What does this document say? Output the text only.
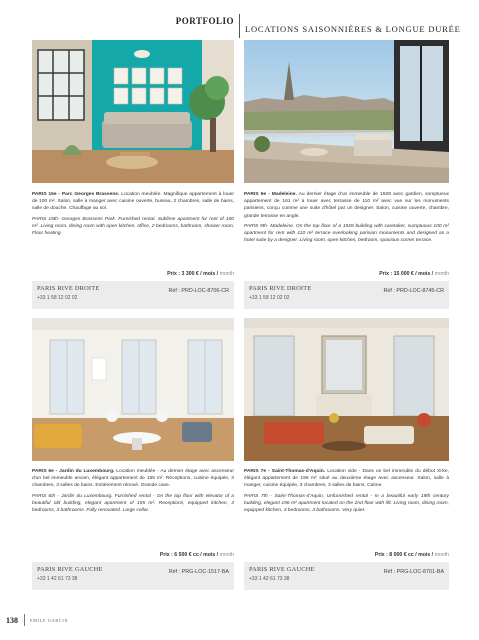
PORTFOLIO
LOCATIONS SAISONNIÈRES & LONGUE DURÉE

PARIS 15e - Parc Georges Brassens. Location meublée. Magnifique appartement à louer de 100 m². Salon, salle à manger avec cuisine ouverte, bureau, 2 chambres, salle de bains, salle de douche. Chauffage au sol.

PARIS 15th- Georges Brassens Park. Furnished rental. Sublime apartment for rent of 100 m². Living room, dining room with open kitchen, office, 2 bedrooms, bathroom, shower room, Floor heating.

PARIS 9e - Madeleine. Au dernier étage d'un immeuble de 1928 avec gardien, somptueux appartement de 161 m² à louer avec terrasse de 110 m² avec vue sur les monuments parisiens, conçu comme une suite d'hôtel par un designer. Salon, cuisine ouverte, chambre, grande terrasse en angle.

PARIS 9th- Madeleine. On the top floor of a 1928 building with caretaker, sumptuous 100 m² apartment for rent with 110 m² terrace overlooking parisian monuments and designed as a hotel suite by a designer. Living room, open kitchen, bedroom, spacious corner terrace.

Prix : 3 300 € / mois / month	Prix : 15 000 € / mois / month
PARIS RIVE DROITE
+33 1 58 12 02 02
Réf : PRD-LOC-8706-CR	PARIS RIVE DROITE
+33 1 58 12 02 02
Réf : PRD-LOC-8745-CR

PARIS 6e - Jardin du Luxembourg. Location meublée - Au dernier étage avec ascenseur d'un bel immeuble ancien, élégant appartement de 155 m². Réceptions, cuisine équipée, 3 chambres, 3 salles de bains. Entièrement rénové. Grande cave.

PARIS 6th - Jardin du Luxembourg. Furnished rental - On the top floor with elevator of a beautiful old building, elegant apartment of 155 m². Receptions, equipped kitchen, 3 bedrooms, 3 bathrooms. Fully renovated. Large cellar.

PARIS 7e - Saint-Thomas-d'Aquin. Location vide - Dans un bel immeuble du début XIXe, élégant appartement de 196 m² situé au deuxième étage avec ascenseur. Salon, salle à manger, cuisine équipée, 3 chambres, 3 salles de bains. Calme.

PARIS 7th - Saint-Thomas-d'Aquin. Unfurnished rental - In a beautiful early 19th century building, elegant 196 m² apartment located on the 2nd floor with lift. Living room, dining room, equipped kitchen, 3 bedrooms, 3 bathrooms. Very quiet.

Prix : 6 500 € cc / mois / month	Prix : 8 000 € cc / mois / month
PARIS RIVE GAUCHE
+33 1 42 61 73 38
Réf : PRG-LOC-1517-BA	PARIS RIVE GAUCHE
+33 1 42 61 73 38
Réf : PRG-LOC-8701-BA
138	EMILE GARCIN
